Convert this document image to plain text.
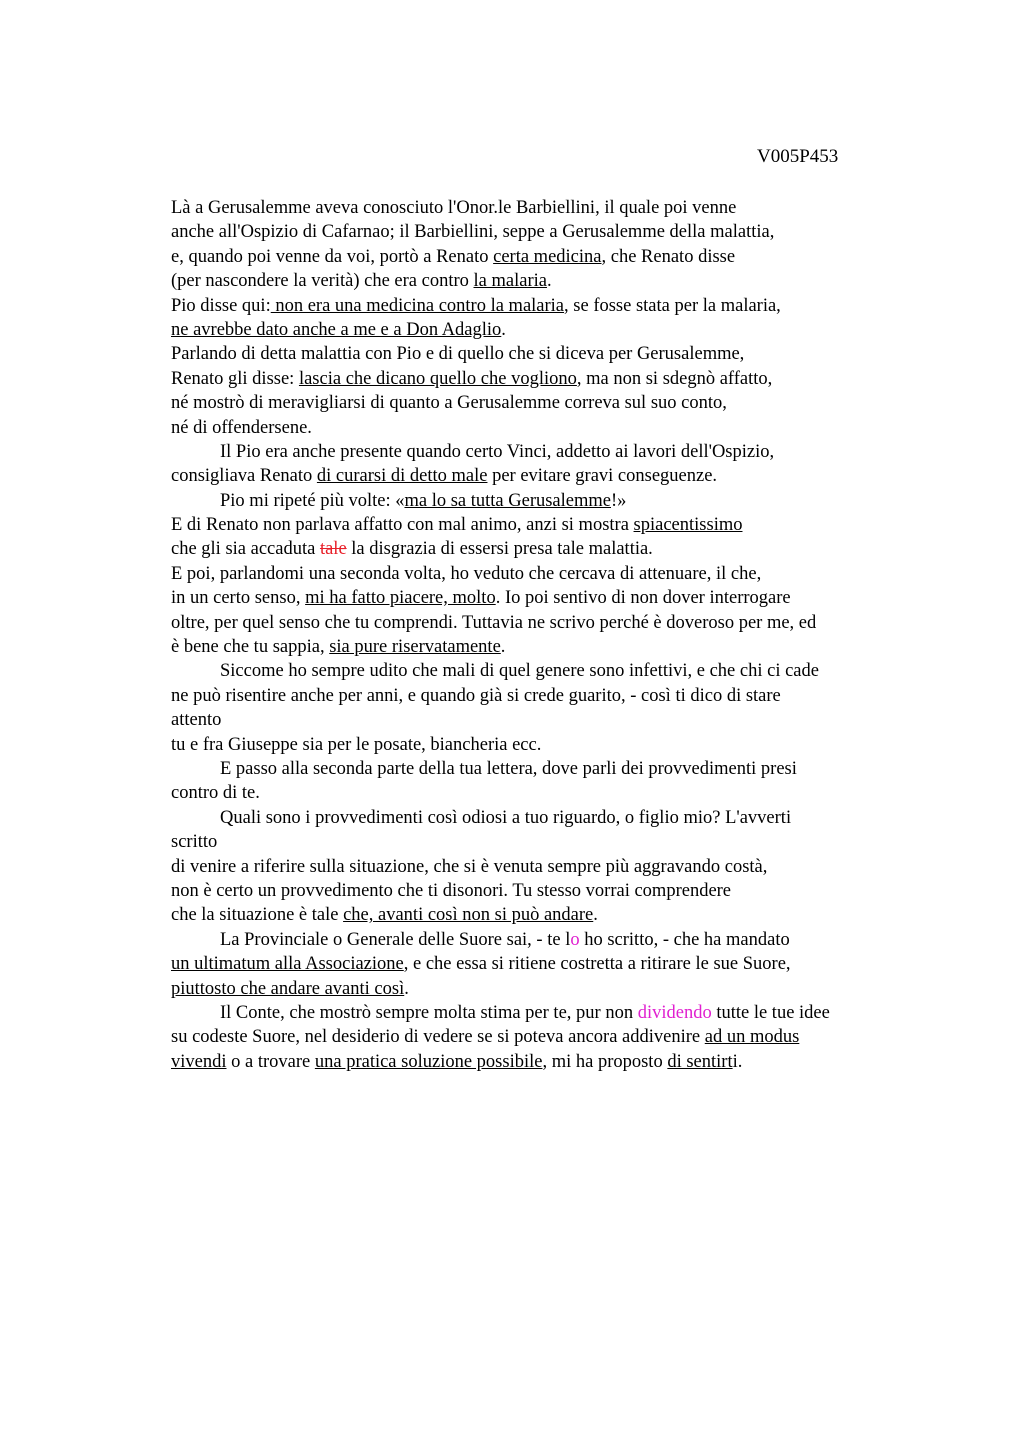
V005P453

Là a Gerusalemme aveva conosciuto l'Onor.le Barbiellini, il quale poi venne
anche all'Ospizio di Cafarnao; il Barbiellini, seppe a Gerusalemme della malattia,
e, quando poi venne da voi, portò a Renato certa medicina, che Renato disse
(per nascondere la verità) che era contro la malaria.
Pio disse qui: non era una medicina contro la malaria, se fosse stata per la malaria,
ne avrebbe dato anche a me e a Don Adaglio.
Parlando di detta malattia con Pio e di quello che si diceva per Gerusalemme,
Renato gli disse: lascia che dicano quello che vogliono, ma non si sdegnò affatto,
né mostrò di meravigliarsi di quanto a Gerusalemme correva sul suo conto,
né di offendersene.
Il Pio era anche presente quando certo Vinci, addetto ai lavori dell'Ospizio,
consigliava Renato di curarsi di detto male per evitare gravi conseguenze.
Pio mi ripeté più volte: «ma lo sa tutta Gerusalemme!»
E di Renato non parlava affatto con mal animo, anzi si mostra spiacentissimo
che gli sia accaduta tale la disgrazia di essersi presa tale malattia.
E poi, parlandomi una seconda volta, ho veduto che cercava di attenuare, il che,
in un certo senso, mi ha fatto piacere, molto. Io poi sentivo di non dover interrogare
oltre, per quel senso che tu comprendi. Tuttavia ne scrivo perché è doveroso per me, ed
è bene che tu sappia, sia pure riservatamente.
Siccome ho sempre udito che mali di quel genere sono infettivi, e che chi ci cade
ne può risentire anche per anni, e quando già si crede guarito, - così ti dico di stare
attento
tu e fra Giuseppe sia per le posate, biancheria ecc.
E passo alla seconda parte della tua lettera, dove parli dei provvedimenti presi
contro di te.
Quali sono i provvedimenti così odiosi a tuo riguardo, o figlio mio? L'avverti
scritto
di venire a riferire sulla situazione, che si è venuta sempre più aggravando costà,
non è certo un provvedimento che ti disonori. Tu stesso vorrai comprendere
che la situazione è tale che, avanti così non si può andare.
La Provinciale o Generale delle Suore sai, - te lo ho scritto, - che ha mandato
un ultimatum alla Associazione, e che essa si ritiene costretta a ritirare le sue Suore,
piuttosto che andare avanti così.
Il Conte, che mostrò sempre molta stima per te, pur non dividendo tutte le tue idee
su codeste Suore, nel desiderio di vedere se si poteva ancora addivenire ad un modus
vivendi o a trovare una pratica soluzione possibile, mi ha proposto di sentirti.
